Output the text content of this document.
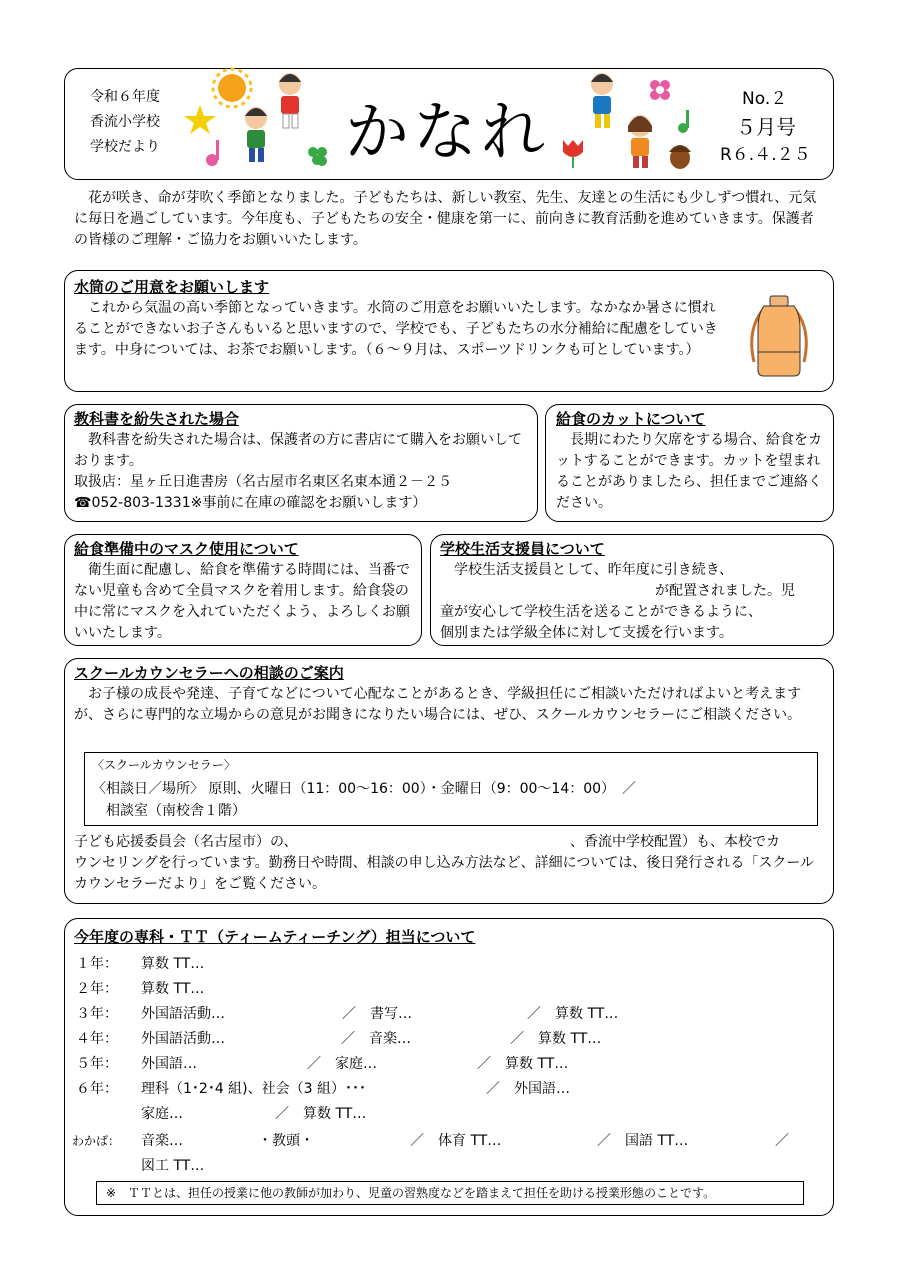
令和６年度
香流小学校
学校だより	かなれ	No.２
５月号
R６.４.２５
花が咲き、命が芽吹く季節となりました。子どもたちは、新しい教室、先生、友達との生活にも少しずつ慣れ、元気に毎日を過ごしています。今年度も、子どもたちの安全・健康を第一に、前向きに教育活動を進めていきます。保護者の皆様のご理解・ご協力をお願いいたします。
水筒のご用意をお願いします
これから気温の高い季節となっていきます。水筒のご用意をお願いいたします。なかなか暑さに慣れることができないお子さんもいると思いますので、学校でも、子どもたちの水分補給に配慮をしていきます。中身については、お茶でお願いします。（６～９月は、スポーツドリンクも可としています。）
教科書を紛失された場合
教科書を紛失された場合は、保護者の方に書店にて購入をお願いしております。
取扱店：星ヶ丘日進書房（名古屋市名東区名東本通２－２５
☎052-803-1331※事前に在庫の確認をお願いします）
給食のカットについて
長期にわたり欠席をする場合、給食をカットすることができます。カットを望まれることがありましたら、担任までご連絡ください。
給食準備中のマスク使用について
衛生面に配慮し、給食を準備する時間には、当番でない児童も含めて全員マスクを着用します。給食袋の中に常にマスクを入れていただくよう、よろしくお願いいたします。
学校生活支援員について
学校生活支援員として、昨年度に引き続き、
が配置されました。児
童が安心して学校生活を送ることができるように、
個別または学級全体に対して支援を行います。
スクールカウンセラーへの相談のご案内
お子様の成長や発達、子育てなどについて心配なことがあるとき、学級担任にご相談いただければよいと考えますが、さらに専門的な立場からの意見がお聞きになりたい場合には、ぜひ、スクールカウンセラーにご相談ください。
〈スクールカウンセラー〉
〈相談日／場所〉 原則、火曜日（11：00～16：00）・金曜日（9：00～14：00）　／
相談室（南校舎１階）
子ども応援委員会（名古屋市）の、	、香流中学校配置）も、本校でカ
ウンセリングを行っています。勤務日や時間、相談の申し込み方法など、詳細については、後日発行される「スクールカウンセラーだより」をご覧ください。
今年度の専科・ＴＴ（ティームティーチング）担当について
１年： 算数 TT…
２年： 算数 TT…
３年： 外国語活動…	／　書写…	／　算数 TT…
４年： 外国語活動…	／　音楽…	／　算数 TT…
５年： 外国語…	／　家庭…	／　算数 TT…
６年： 理科（1･2･4 組)、社会（3 組）･･･	／　外国語…
家庭…	／　算数 TT…
わかば： 音楽…	・教頭・	／　体育 TT…	／　国語 TT…	／
図工 TT…
※　ＴＴとは、担任の授業に他の教師が加わり、児童の習熟度などを踏まえて担任を助ける授業形態のことです。
